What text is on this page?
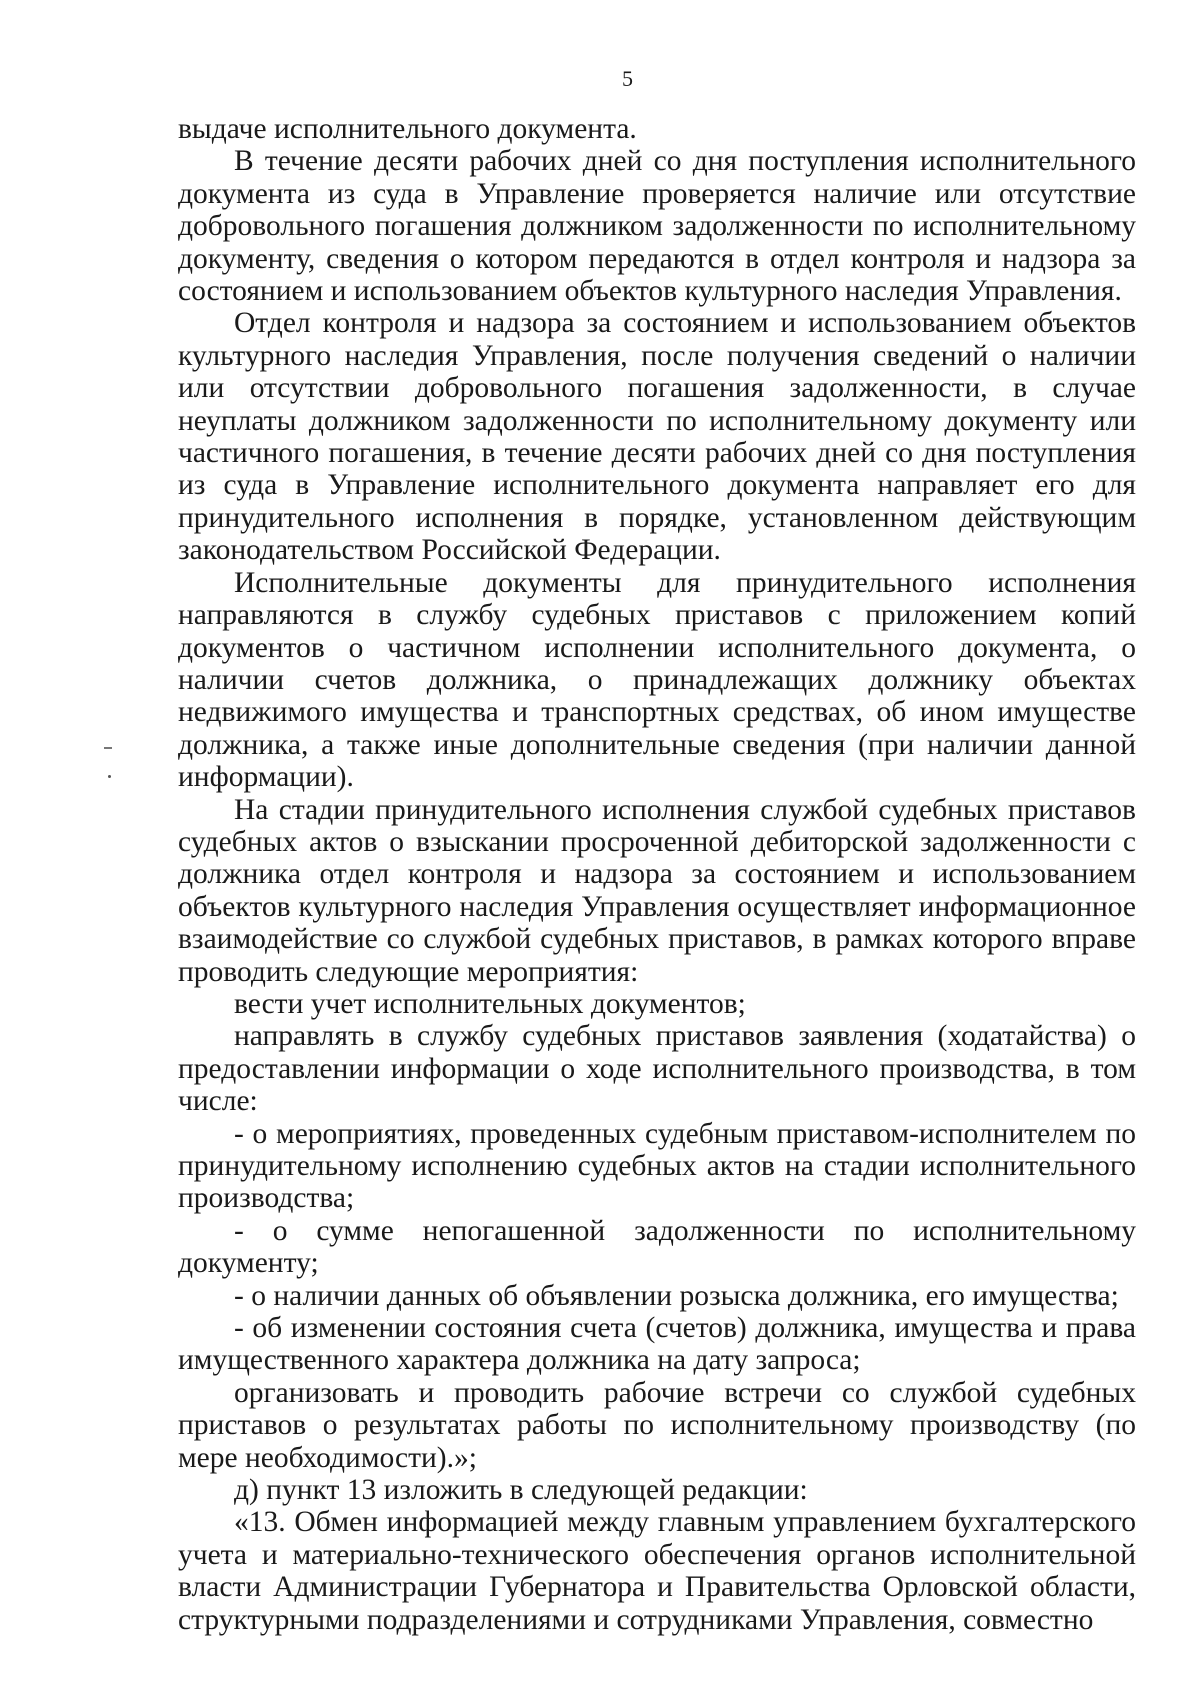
5

выдаче исполнительного документа.

В течение десяти рабочих дней со дня поступления исполнительного документа из суда в Управление проверяется наличие или отсутствие добровольного погашения должником задолженности по исполнительному документу, сведения о котором передаются в отдел контроля и надзора за состоянием и использованием объектов культурного наследия Управления.

Отдел контроля и надзора за состоянием и использованием объектов культурного наследия Управления, после получения сведений о наличии или отсутствии добровольного погашения задолженности, в случае неуплаты должником задолженности по исполнительному документу или частичного погашения, в течение десяти рабочих дней со дня поступления из суда в Управление исполнительного документа направляет его для принудительного исполнения в порядке, установленном действующим законодательством Российской Федерации.

Исполнительные документы для принудительного исполнения направляются в службу судебных приставов с приложением копий документов о частичном исполнении исполнительного документа, о наличии счетов должника, о принадлежащих должнику объектах недвижимого имущества и транспортных средствах, об ином имуществе должника, а также иные дополнительные сведения (при наличии данной информации).

На стадии принудительного исполнения службой судебных приставов судебных актов о взыскании просроченной дебиторской задолженности с должника отдел контроля и надзора за состоянием и использованием объектов культурного наследия Управления осуществляет информационное взаимодействие со службой судебных приставов, в рамках которого вправе проводить следующие мероприятия:

вести учет исполнительных документов;

направлять в службу судебных приставов заявления (ходатайства) о предоставлении информации о ходе исполнительного производства, в том числе:

- о мероприятиях, проведенных судебным приставом-исполнителем по принудительному исполнению судебных актов на стадии исполнительного производства;

- о сумме непогашенной задолженности по исполнительному документу;

- о наличии данных об объявлении розыска должника, его имущества;

- об изменении состояния счета (счетов) должника, имущества и права имущественного характера должника на дату запроса;

организовать и проводить рабочие встречи со службой судебных приставов о результатах работы по исполнительному производству (по мере необходимости).»;

д) пункт 13 изложить в следующей редакции:

«13. Обмен информацией между главным управлением бухгалтерского учета и материально-технического обеспечения органов исполнительной власти Администрации Губернатора и Правительства Орловской области, структурными подразделениями и сотрудниками Управления, совместно
